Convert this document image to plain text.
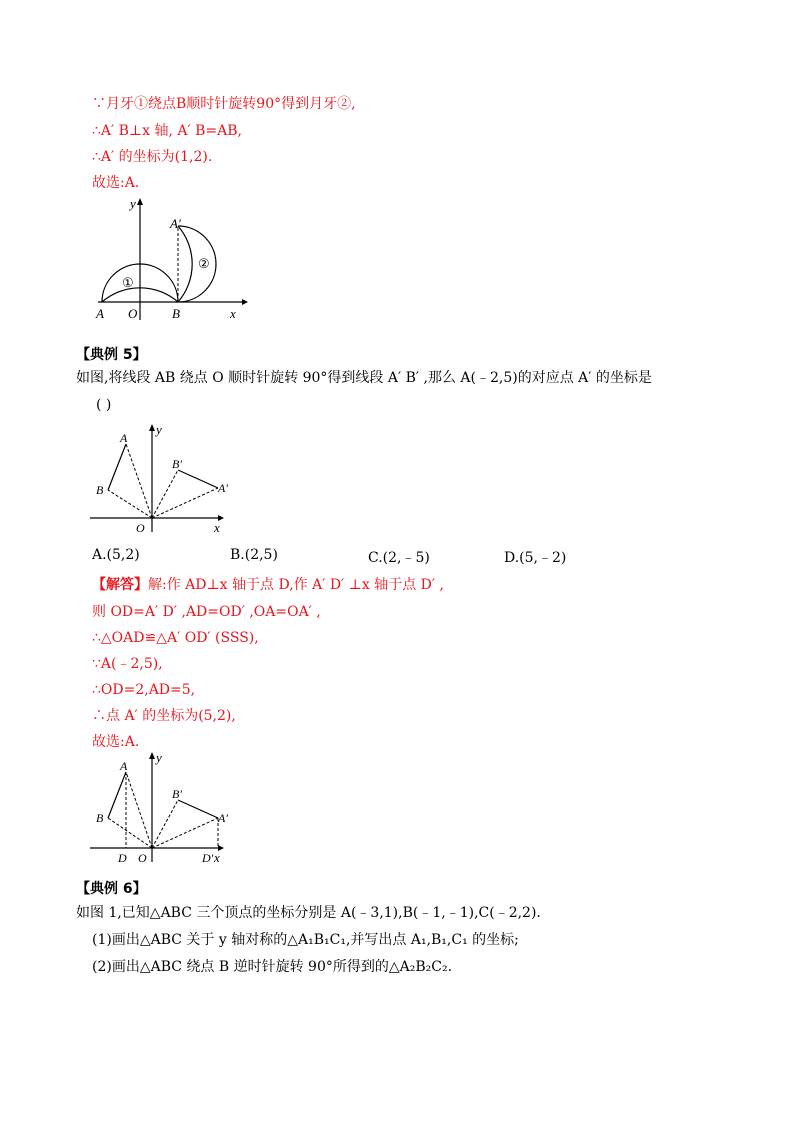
∵月牙①绕点B顺时针旋转90°得到月牙②,
∴A′ B⊥x 轴, A′ B=AB,
∴A′ 的坐标为(1,2).
故选:A.
y
x
A O	B
A′
①
②
【典例 5】
如图,将线段 AB 绕点 O 顺时针旋转 90°得到线段 A′ B′ ,那么 A(﹣2,5)的对应点 A′ 的坐标是
( )
y
x
A
B
O
A′
B′
A.(5,2)	B.(2,5)	C.(2,﹣5)	D.(5,﹣2)
【解答】解:作 AD⊥x 轴于点 D,作 A′ D′ ⊥x 轴于点 D′ ,
则 OD=A′ D′ ,AD=OD′ ,OA=OA′ ,
∴△OAD≌△A′ OD′ (SSS),
∵A(﹣2,5),
∴OD=2,AD=5,
∴点 A′ 的坐标为(5,2),
故选:A.
y
x
A
B
D O	D′
A′
B′
【典例 6】
如图 1,已知△ABC 三个顶点的坐标分别是 A(﹣3,1),B(﹣1,﹣1),C(﹣2,2).
(1)画出△ABC 关于 y 轴对称的△A₁B₁C₁,并写出点 A₁,B₁,C₁ 的坐标;
(2)画出△ABC 绕点 B 逆时针旋转 90°所得到的△A₂B₂C₂.
